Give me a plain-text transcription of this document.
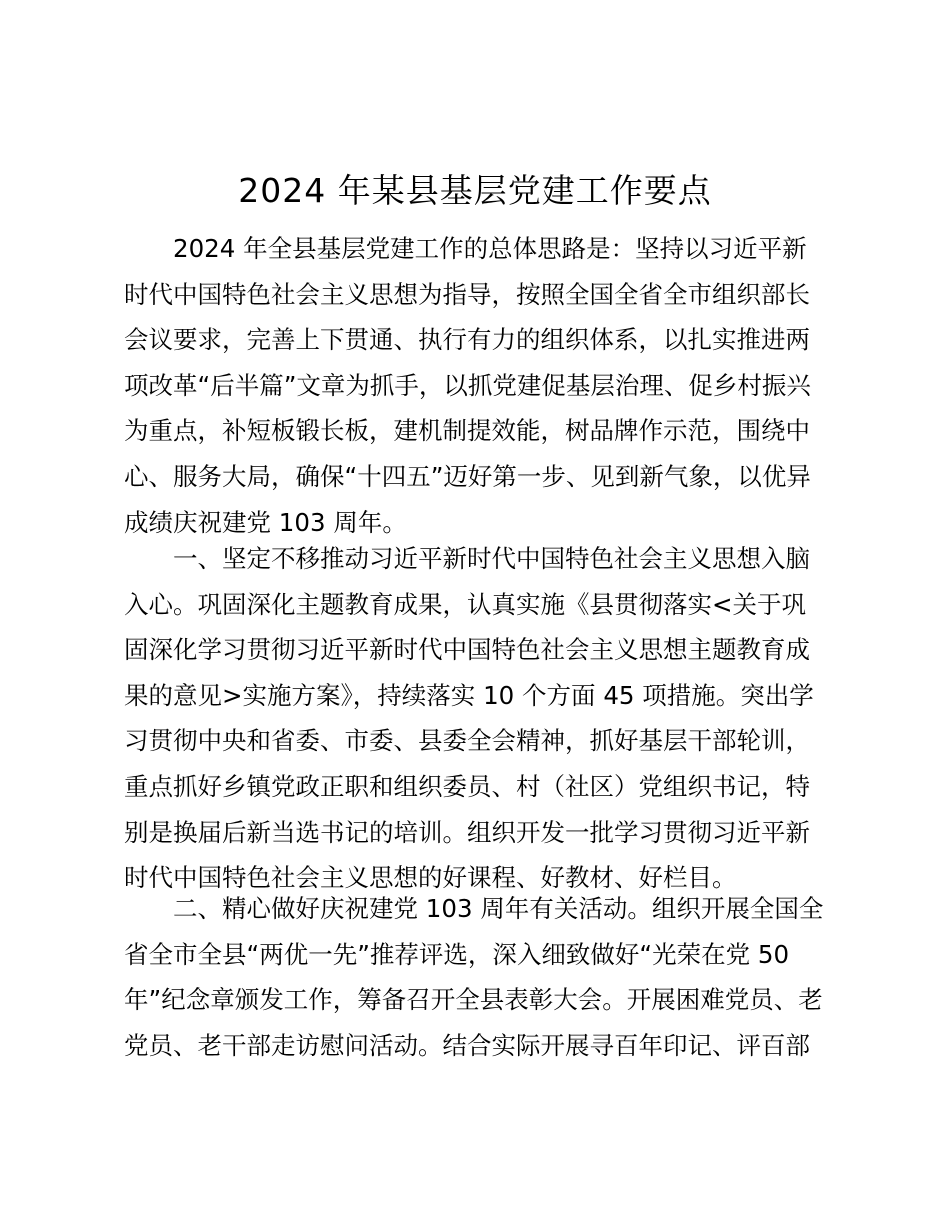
2024 年某县基层党建工作要点
2024 年全县基层党建工作的总体思路是：坚持以习近平新
时代中国特色社会主义思想为指导，按照全国全省全市组织部长
会议要求，完善上下贯通、执行有力的组织体系，以扎实推进两
项改革“后半篇”文章为抓手，以抓党建促基层治理、促乡村振兴
为重点，补短板锻长板，建机制提效能，树品牌作示范，围绕中
心、服务大局，确保“十四五”迈好第一步、见到新气象，以优异
成绩庆祝建党 103 周年。
一、坚定不移推动习近平新时代中国特色社会主义思想入脑
入心。巩固深化主题教育成果，认真实施《县贯彻落实<关于巩
固深化学习贯彻习近平新时代中国特色社会主义思想主题教育成
果的意见>实施方案》，持续落实 10 个方面 45 项措施。突出学
习贯彻中央和省委、市委、县委全会精神，抓好基层干部轮训，
重点抓好乡镇党政正职和组织委员、村（社区）党组织书记，特
别是换届后新当选书记的培训。组织开发一批学习贯彻习近平新
时代中国特色社会主义思想的好课程、好教材、好栏目。
二、精心做好庆祝建党 103 周年有关活动。组织开展全国全
省全市全县“两优一先”推荐评选，深入细致做好“光荣在党 50
年”纪念章颁发工作，筹备召开全县表彰大会。开展困难党员、老
党员、老干部走访慰问活动。结合实际开展寻百年印记、评百部
